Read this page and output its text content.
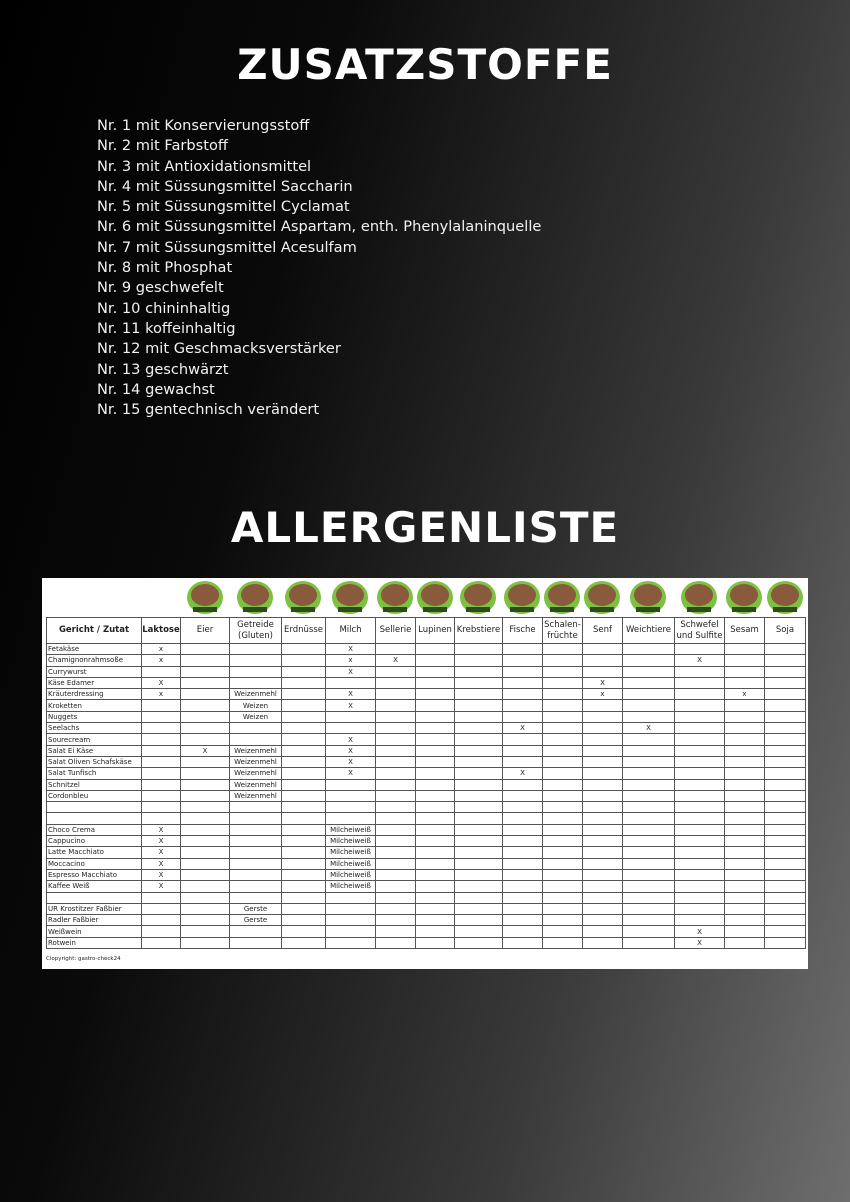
ZUSATZSTOFFE
Nr. 1 mit Konservierungsstoff
Nr. 2 mit Farbstoff
Nr. 3 mit Antioxidationsmittel
Nr. 4 mit Süssungsmittel Saccharin
Nr. 5 mit Süssungsmittel Cyclamat
Nr. 6 mit Süssungsmittel Aspartam, enth. Phenylalaninquelle
Nr. 7 mit Süssungsmittel Acesulfam
Nr. 8 mit Phosphat
Nr. 9 geschwefelt
Nr. 10 chininhaltig
Nr. 11 koffeinhaltig
Nr. 12 mit Geschmacksverstärker
Nr. 13 geschwärzt
Nr. 14 gewachst
Nr. 15 gentechnisch verändert
ALLERGENLISTE
Gericht / Zutat	Laktose	Eier	Getreide (Gluten)	Erdnüsse	Milch	Sellerie	Lupinen	Krebstiere	Fische	Schalen-früchte	Senf	Weichtiere	Schwefel und Sulfite	Sesam	Soja
Fetakäse	x				X										
Chamignonrahmsoße	x				x	X							X		
Currywurst					X										
Käse Edamer	X										X				
Kräuterdressing	x		Weizenmehl		X						x			x	
Kroketten			Weizen		X										
Nuggets			Weizen												
Seelachs									X			X			
Sourecream					X										
Salat Ei Käse		X	Weizenmehl		X										
Salat Oliven Schafskäse			Weizenmehl		X										
Salat Tunfisch			Weizenmehl		X				X						
Schnitzel			Weizenmehl												
Cordonbleu			Weizenmehl												

Choco Crema	X				Milcheiweiß										
Cappucino	X				Milcheiweiß										
Latte Macchiato	X				Milcheiweiß										
Moccacino	X				Milcheiweiß										
Espresso Macchiato	X				Milcheiweiß										
Kaffee Weiß	X				Milcheiweiß										

UR Krostitzer Faßbier			Gerste												
Radler Faßbier			Gerste												
Weißwein													X		
Rotwein													X		
Ciopyright: gastro-check24
